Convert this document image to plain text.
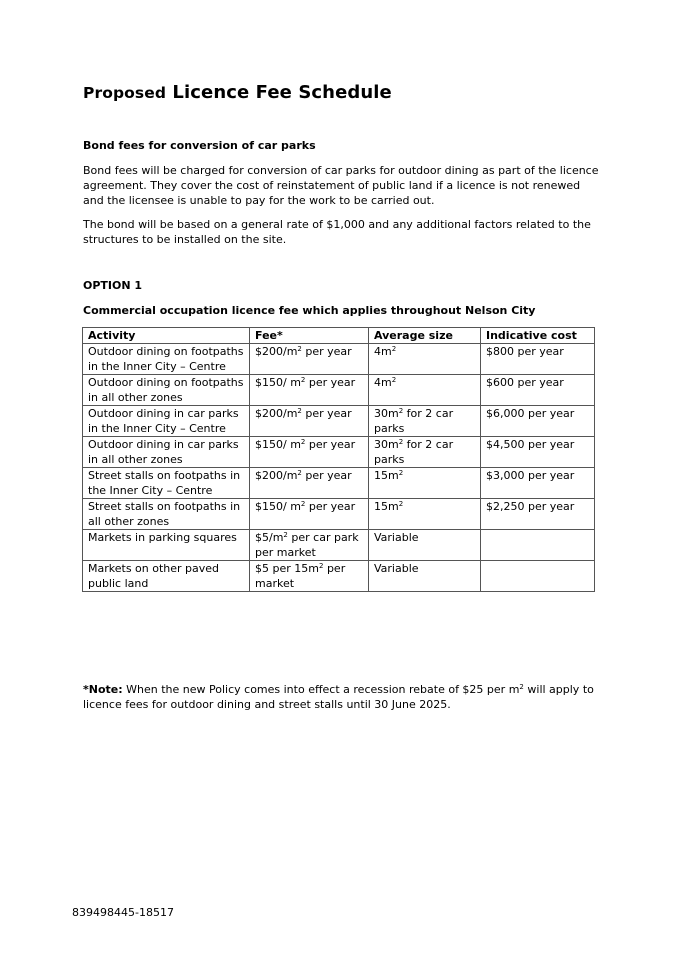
Proposed Licence Fee Schedule

Bond fees for conversion of car parks

Bond fees will be charged for conversion of car parks for outdoor dining as part of the licence agreement. They cover the cost of reinstatement of public land if a licence is not renewed and the licensee is unable to pay for the work to be carried out.

The bond will be based on a general rate of $1,000 and any additional factors related to the structures to be installed on the site.

OPTION 1

Commercial occupation licence fee which applies throughout Nelson City

Activity	Fee*	Average size	Indicative cost
Outdoor dining on footpaths in the Inner City – Centre	$\$200/m^2$ per year	$4m^2$	$800 per year
Outdoor dining on footpaths in all other zones	$150/ $m^2$ per year	$4m^2$	$600 per year
Outdoor dining in car parks in the Inner City – Centre	$\$200/m^2$ per year	$30m^2$ for 2 car parks	$6,000 per year
Outdoor dining in car parks in all other zones	$150/ $m^2$ per year	$30m^2$ for 2 car parks	$4,500 per year
Street stalls on footpaths in the Inner City – Centre	$\$200/m^2$ per year	$15m^2$	$3,000 per year
Street stalls on footpaths in all other zones	$150/ $m^2$ per year	$15m^2$	$2,250 per year
Markets in parking squares	$\$5/m^2$ per car park per market	Variable	
Markets on other paved public land	$5 per $15m^2$ per market	Variable	

*Note: When the new Policy comes into effect a recession rebate of $25 per $m^2$ will apply to licence fees for outdoor dining and street stalls until 30 June 2025.

839498445-18517
